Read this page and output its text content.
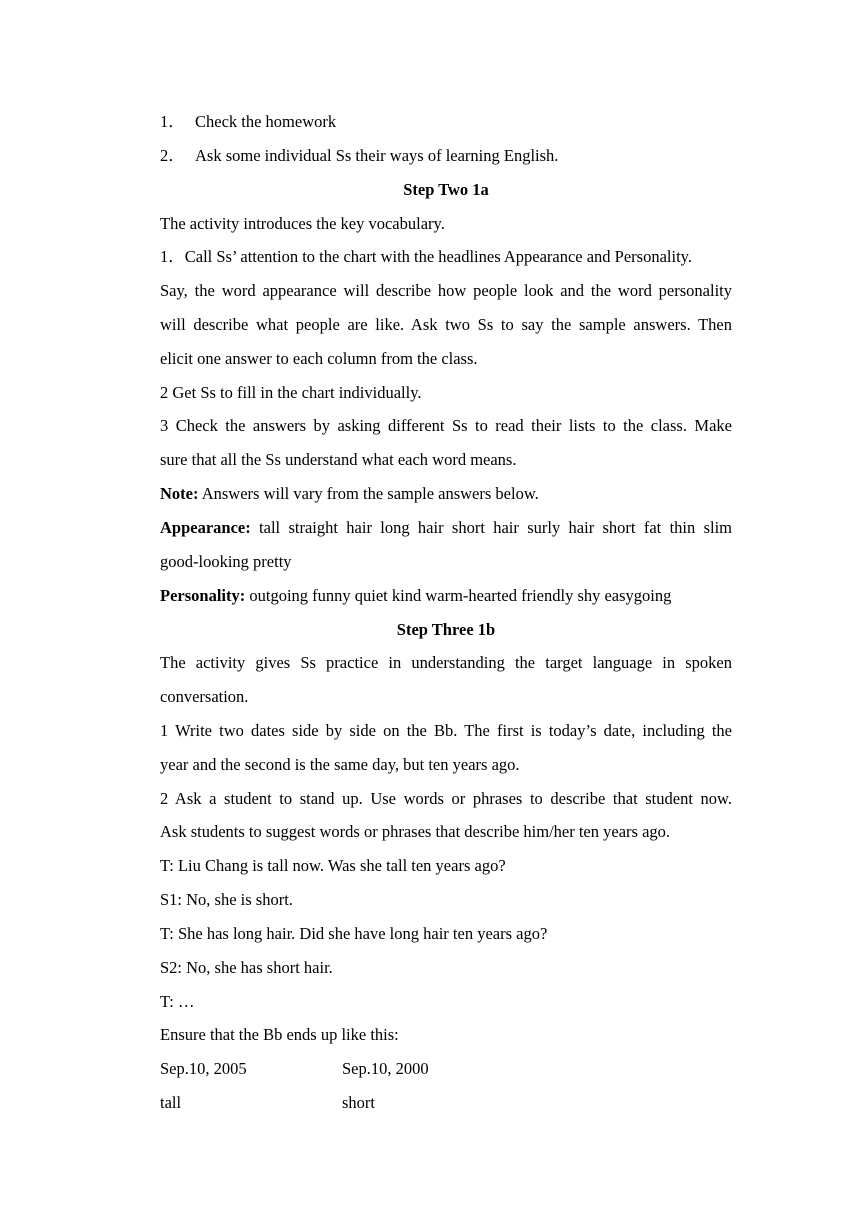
1． Check the homework
2． Ask some individual Ss their ways of learning English.
Step Two 1a
The activity introduces the key vocabulary.
1．Call Ss’ attention to the chart with the headlines Appearance and Personality.
Say, the word appearance will describe how people look and the word personality
will describe what people are like. Ask two Ss to say the sample answers. Then
elicit one answer to each column from the class.
2 Get Ss to fill in the chart individually.
3 Check the answers by asking different Ss to read their lists to the class. Make
sure that all the Ss understand what each word means.
Note: Answers will vary from the sample answers below.
Appearance: tall straight hair long hair short hair surly hair short fat thin slim
good-looking pretty
Personality: outgoing funny quiet kind warm-hearted friendly shy easygoing
Step Three 1b
The activity gives Ss practice in understanding the target language in spoken
conversation.
1 Write two dates side by side on the Bb. The first is today’s date, including the
year and the second is the same day, but ten years ago.
2 Ask a student to stand up. Use words or phrases to describe that student now.
Ask students to suggest words or phrases that describe him/her ten years ago.
T: Liu Chang is tall now. Was she tall ten years ago?
S1: No, she is short.
T: She has long hair. Did she have long hair ten years ago?
S2: No, she has short hair.
T: …
Ensure that the Bb ends up like this:
Sep.10, 2005	Sep.10, 2000
tall	short
